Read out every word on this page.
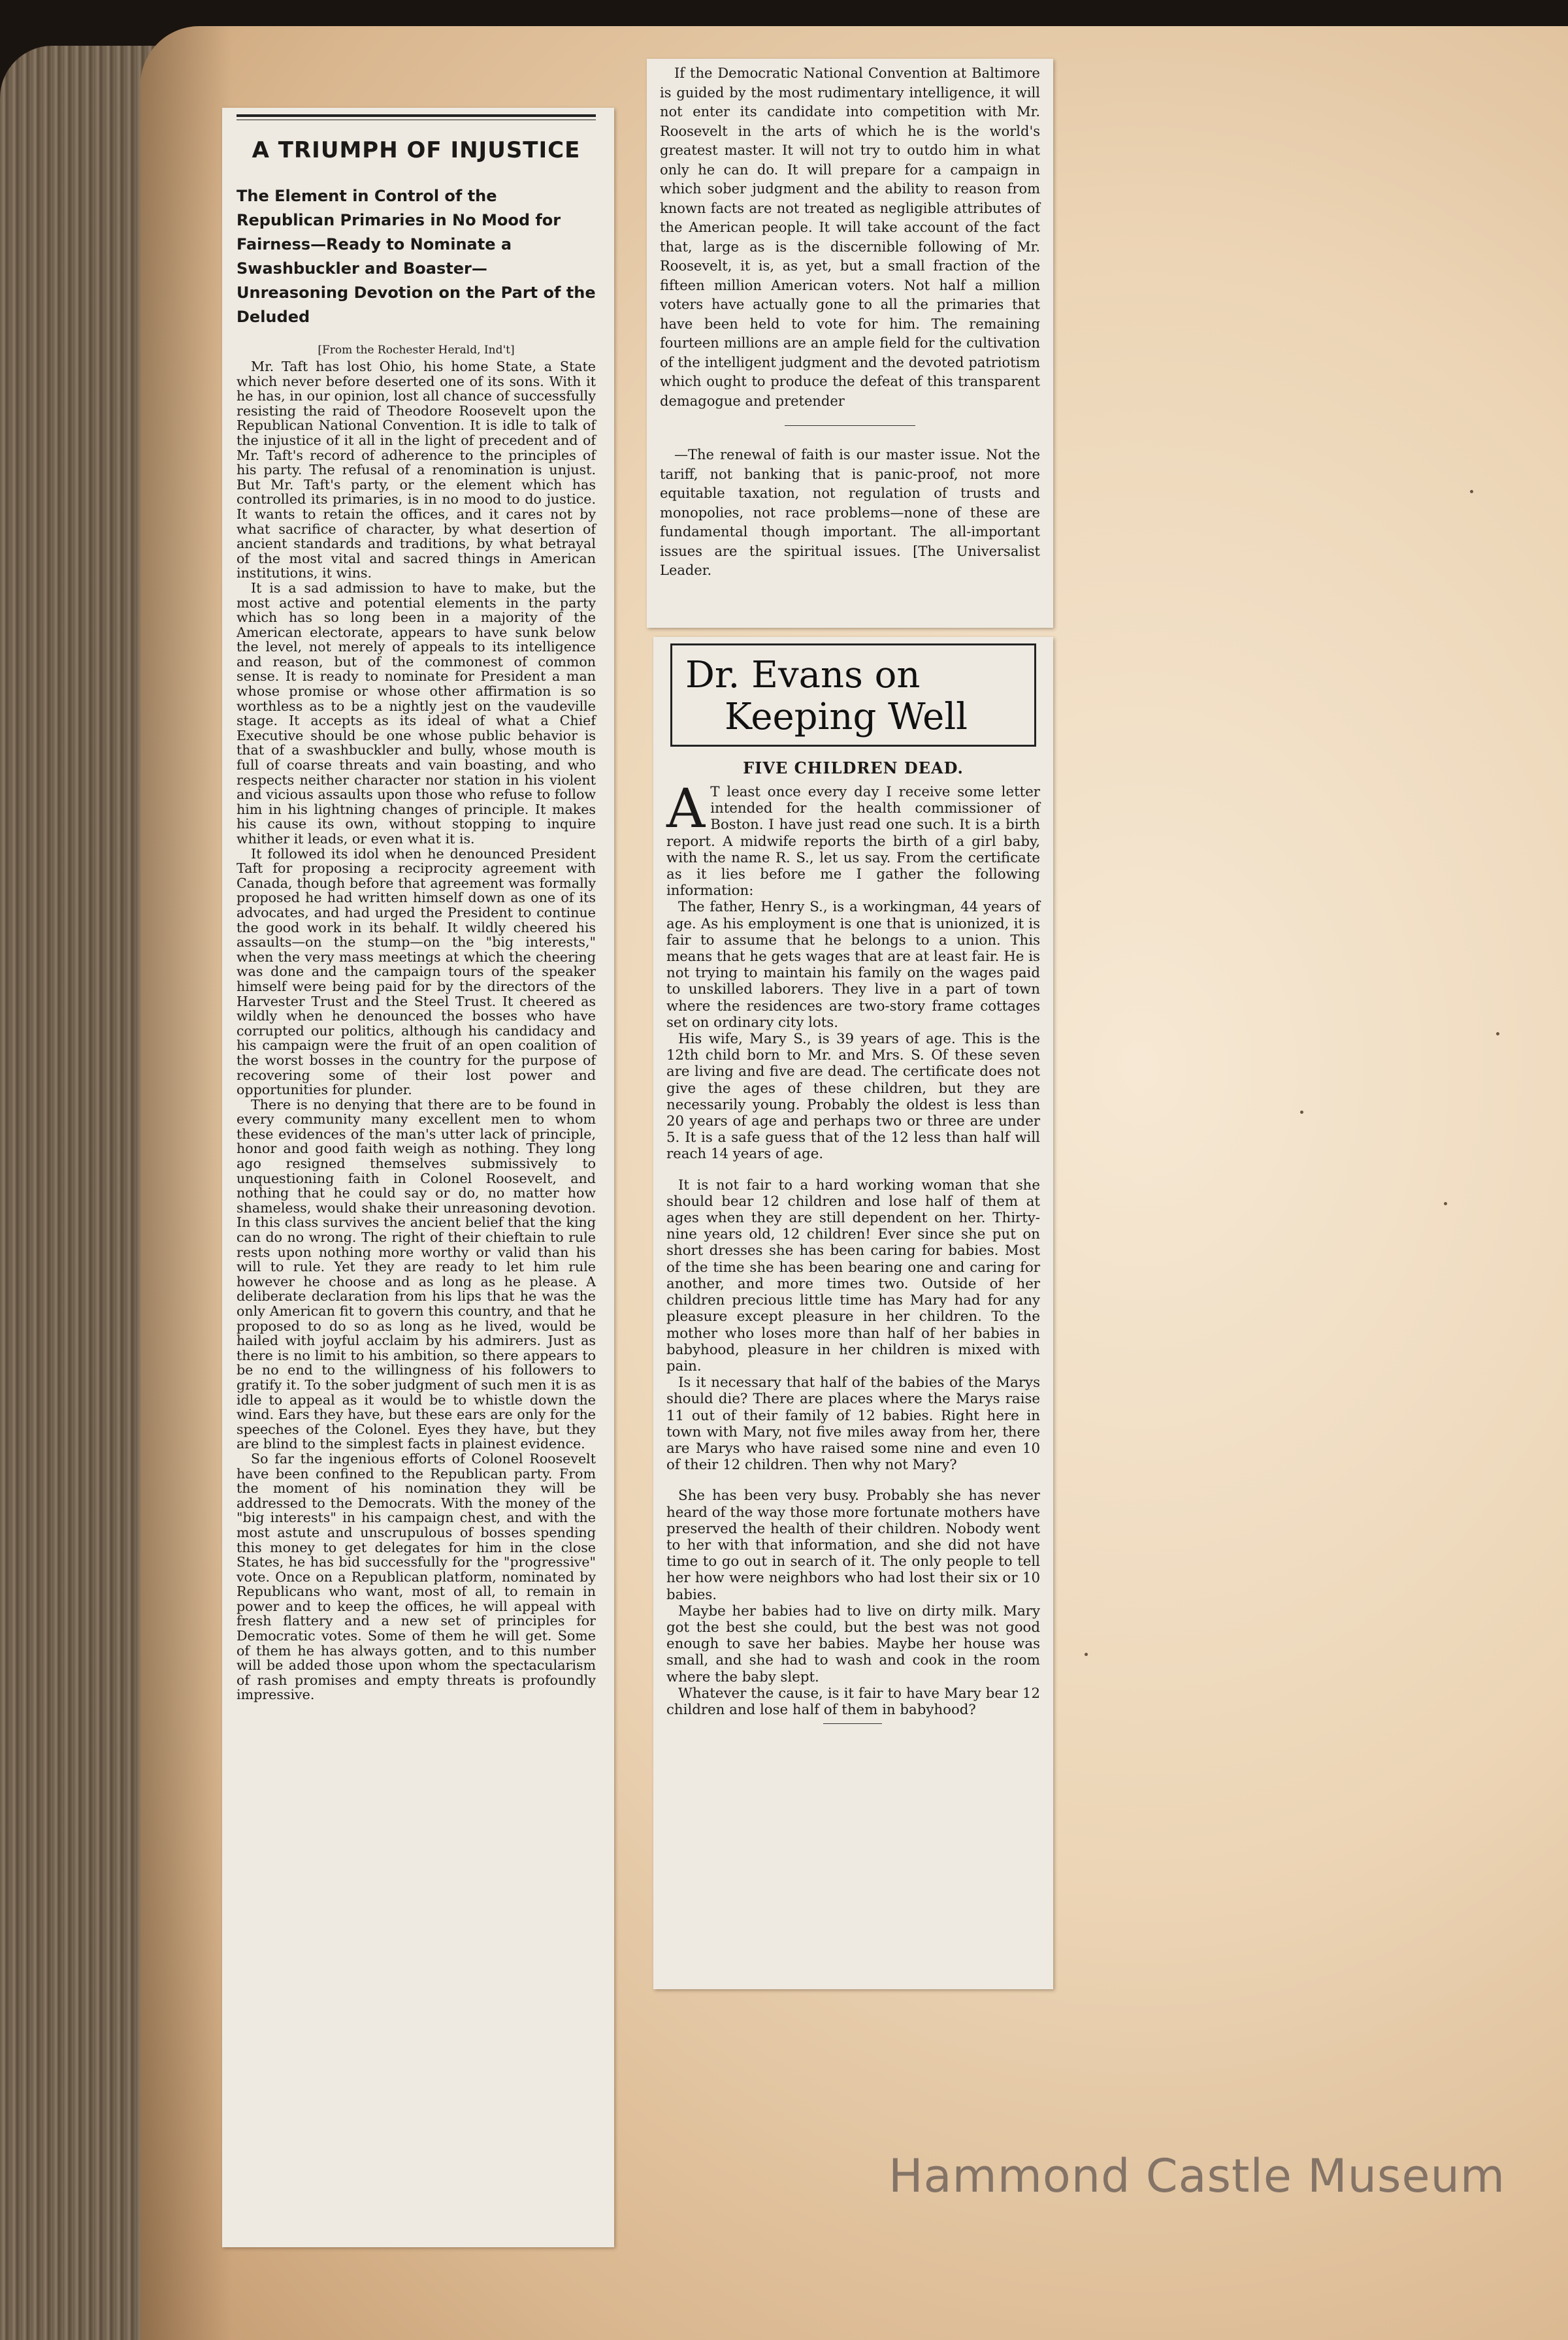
A TRIUMPH OF INJUSTICE
The Element in Control of the Republican Primaries in No Mood for Fairness—Ready to Nominate a Swashbuckler and Boaster—Unreasoning Devotion on the Part of the Deluded
[From the Rochester Herald, Ind't]

Mr. Taft has lost Ohio, his home State, a State which never before deserted one of its sons. With it he has, in our opinion, lost all chance of successfully resisting the raid of Theodore Roosevelt upon the Republican National Convention. It is idle to talk of the injustice of it all in the light of precedent and of Mr. Taft's record of adherence to the principles of his party. The refusal of a renomination is unjust. But Mr. Taft's party, or the element which has controlled its primaries, is in no mood to do justice. It wants to retain the offices, and it cares not by what sacrifice of character, by what desertion of ancient standards and traditions, by what betrayal of the most vital and sacred things in American institutions, it wins.

It is a sad admission to have to make, but the most active and potential elements in the party which has so long been in a majority of the American electorate, appears to have sunk below the level, not merely of appeals to its intelligence and reason, but of the commonest of common sense. It is ready to nominate for President a man whose promise or whose other affirmation is so worthless as to be a nightly jest on the vaudeville stage. It accepts as its ideal of what a Chief Executive should be one whose public behavior is that of a swashbuckler and bully, whose mouth is full of coarse threats and vain boasting, and who respects neither character nor station in his violent and vicious assaults upon those who refuse to follow him in his lightning changes of principle. It makes his cause its own, without stopping to inquire whither it leads, or even what it is.

It followed its idol when he denounced President Taft for proposing a reciprocity agreement with Canada, though before that agreement was formally proposed he had written himself down as one of its advocates, and had urged the President to continue the good work in its behalf. It wildly cheered his assaults—on the stump—on the "big interests," when the very mass meetings at which the cheering was done and the campaign tours of the speaker himself were being paid for by the directors of the Harvester Trust and the Steel Trust. It cheered as wildly when he denounced the bosses who have corrupted our politics, although his candidacy and his campaign were the fruit of an open coalition of the worst bosses in the country for the purpose of recovering some of their lost power and opportunities for plunder.

There is no denying that there are to be found in every community many excellent men to whom these evidences of the man's utter lack of principle, honor and good faith weigh as nothing. They long ago resigned themselves submissively to unquestioning faith in Colonel Roosevelt, and nothing that he could say or do, no matter how shameless, would shake their unreasoning devotion. In this class survives the ancient belief that the king can do no wrong. The right of their chieftain to rule rests upon nothing more worthy or valid than his will to rule. Yet they are ready to let him rule however he choose and as long as he please. A deliberate declaration from his lips that he was the only American fit to govern this country, and that he proposed to do so as long as he lived, would be hailed with joyful acclaim by his admirers. Just as there is no limit to his ambition, so there appears to be no end to the willingness of his followers to gratify it. To the sober judgment of such men it is as idle to appeal as it would be to whistle down the wind. Ears they have, but these ears are only for the speeches of the Colonel. Eyes they have, but they are blind to the simplest facts in plainest evidence.

So far the ingenious efforts of Colonel Roosevelt have been confined to the Republican party. From the moment of his nomination they will be addressed to the Democrats. With the money of the "big interests" in his campaign chest, and with the most astute and unscrupulous of bosses spending this money to get delegates for him in the close States, he has bid successfully for the "progressive" vote. Once on a Republican platform, nominated by Republicans who want, most of all, to remain in power and to keep the offices, he will appeal with fresh flattery and a new set of principles for Democratic votes. Some of them he will get. Some of them he has always gotten, and to this number will be added those upon whom the spectacularism of rash promises and empty threats is profoundly impressive.

If the Democratic National Convention at Baltimore is guided by the most rudimentary intelligence, it will not enter its candidate into competition with Mr. Roosevelt in the arts of which he is the world's greatest master. It will not try to outdo him in what only he can do. It will prepare for a campaign in which sober judgment and the ability to reason from known facts are not treated as negligible attributes of the American people. It will take account of the fact that, large as is the discernible following of Mr. Roosevelt, it is, as yet, but a small fraction of the fifteen million American voters. Not half a million voters have actually gone to all the primaries that have been held to vote for him. The remaining fourteen millions are an ample field for the cultivation of the intelligent judgment and the devoted patriotism which ought to produce the defeat of this transparent demagogue and pretender

—The renewal of faith is our master issue. Not the tariff, not banking that is panic-proof, not more equitable taxation, not regulation of trusts and monopolies, not race problems—none of these are fundamental though important. The all-important issues are the spiritual issues. [The Universalist Leader.

Dr. Evans on
Keeping Well
FIVE CHILDREN DEAD.

A T least once every day I receive some letter intended for the health commissioner of Boston. I have just read one such. It is a birth report. A midwife reports the birth of a girl baby, with the name R. S., let us say. From the certificate as it lies before me I gather the following information:

The father, Henry S., is a workingman, 44 years of age. As his employment is one that is unionized, it is fair to assume that he belongs to a union. This means that he gets wages that are at least fair. He is not trying to maintain his family on the wages paid to unskilled laborers. They live in a part of town where the residences are two-story frame cottages set on ordinary city lots.

His wife, Mary S., is 39 years of age. This is the 12th child born to Mr. and Mrs. S. Of these seven are living and five are dead. The certificate does not give the ages of these children, but they are necessarily young. Probably the oldest is less than 20 years of age and perhaps two or three are under 5. It is a safe guess that of the 12 less than half will reach 14 years of age.

It is not fair to a hard working woman that she should bear 12 children and lose half of them at ages when they are still dependent on her. Thirty-nine years old, 12 children! Ever since she put on short dresses she has been caring for babies. Most of the time she has been bearing one and caring for another, and more times two. Outside of her children precious little time has Mary had for any pleasure except pleasure in her children. To the mother who loses more than half of her babies in babyhood, pleasure in her children is mixed with pain.

Is it necessary that half of the babies of the Marys should die? There are places where the Marys raise 11 out of their family of 12 babies. Right here in town with Mary, not five miles away from her, there are Marys who have raised some nine and even 10 of their 12 children. Then why not Mary?

She has been very busy. Probably she has never heard of the way those more fortunate mothers have preserved the health of their children. Nobody went to her with that information, and she did not have time to go out in search of it. The only people to tell her how were neighbors who had lost their six or 10 babies.

Maybe her babies had to live on dirty milk. Mary got the best she could, but the best was not good enough to save her babies. Maybe her house was small, and she had to wash and cook in the room where the baby slept.

Whatever the cause, is it fair to have Mary bear 12 children and lose half of them in babyhood?

Hammond Castle Museum
